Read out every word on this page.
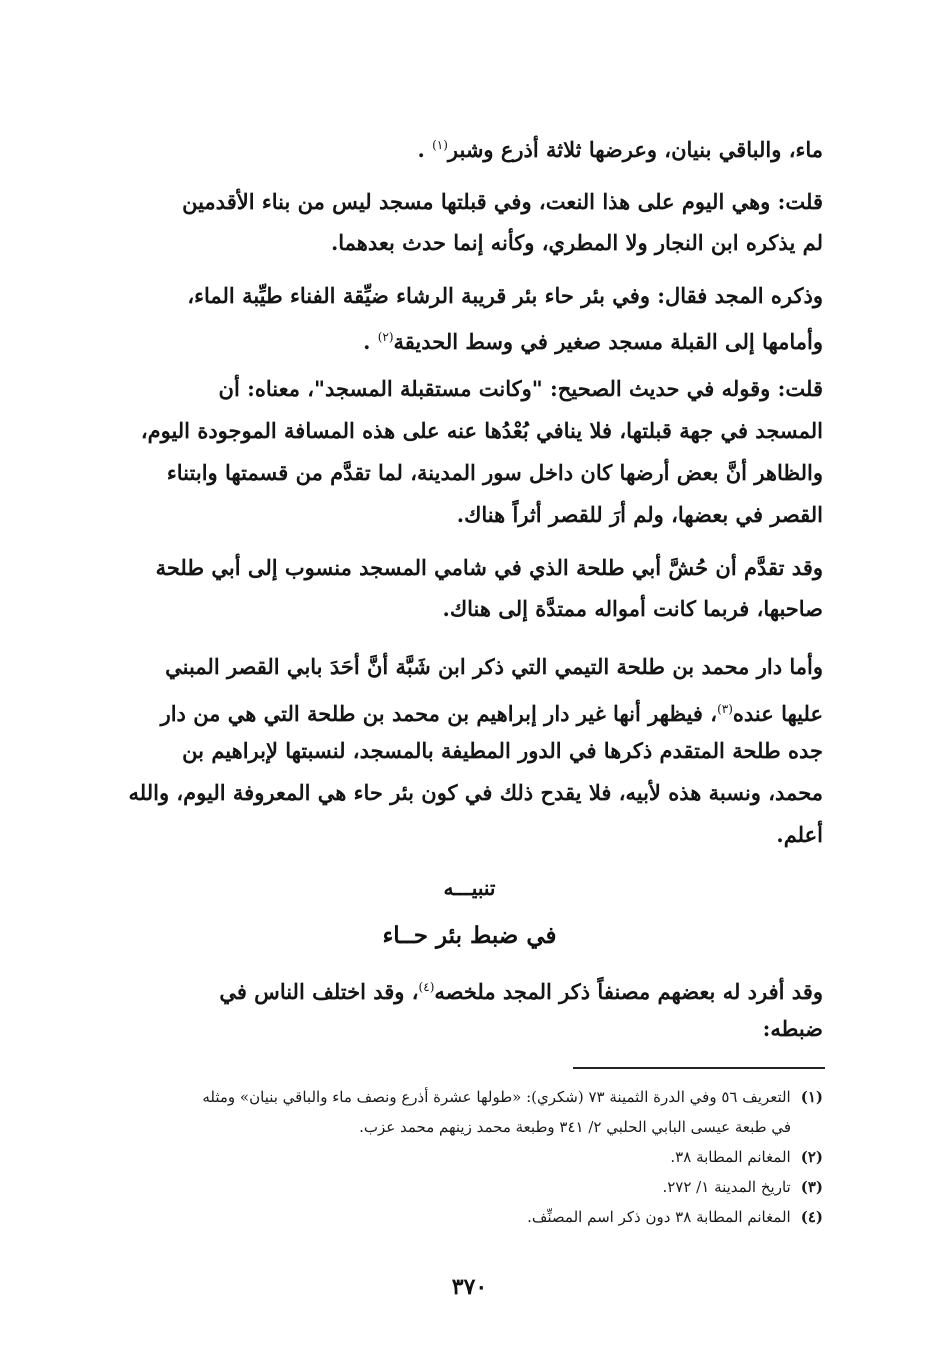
ماء، والباقي بنيان، وعرضها ثلاثة أذرع وشبر$^{(١)}$ .
قلت: وهي اليوم على هذا النعت، وفي قبلتها مسجد ليس من بناء الأقدمين
لم يذكره ابن النجار ولا المطري، وكأنه إنما حدث بعدهما.
وذكره المجد فقال: وفي بئر حاء بئر قريبة الرشاء ضيِّقة الفناء طيِّبة الماء،
وأمامها إلى القبلة مسجد صغير في وسط الحديقة$^{(٢)}$ .
قلت: وقوله في حديث الصحيح: "وكانت مستقبلة المسجد"، معناه: أن
المسجد في جهة قبلتها، فلا ينافي بُعْدُها عنه على هذه المسافة الموجودة اليوم،
والظاهر أنَّ بعض أرضها كان داخل سور المدينة، لما تقدَّم من قسمتها وابتناء
القصر في بعضها، ولم أرَ للقصر أثراً هناك.
وقد تقدَّم أن حُشَّ أبي طلحة الذي في شامي المسجد منسوب إلى أبي طلحة
صاحبها، فربما كانت أمواله ممتدَّة إلى هناك.
وأما دار محمد بن طلحة التيمي التي ذكر ابن شَبَّة أنَّ أحَدَ بابي القصر المبني
عليها عنده$^{(٣)}$، فيظهر أنها غير دار إبراهيم بن محمد بن طلحة التي هي من دار
جده طلحة المتقدم ذكرها في الدور المطيفة بالمسجد، لنسبتها لإبراهيم بن
محمد، ونسبة هذه لأبيه، فلا يقدح ذلك في كون بئر حاء هي المعروفة اليوم، والله
أعلم.
تنبيـــه
في ضبط بئر حــاء
وقد أفرد له بعضهم مصنفاً ذكر المجد ملخصه$^{(٤)}$، وقد اختلف الناس في
ضبطه:
(١)التعريف ٥٦ وفي الدرة الثمينة ٧٣ (شكري): «طولها عشرة أذرع ونصف ماء والباقي بنيان» ومثله
في طبعة عيسى البابي الحلبي ٢/ ٣٤١ وطبعة محمد زينهم محمد عزب.
(٢)المغانم المطابة ٣٨.
(٣)تاريخ المدينة ١/ ٢٧٢.
(٤)المغانم المطابة ٣٨ دون ذكر اسم المصنِّف.
٣٧٠
